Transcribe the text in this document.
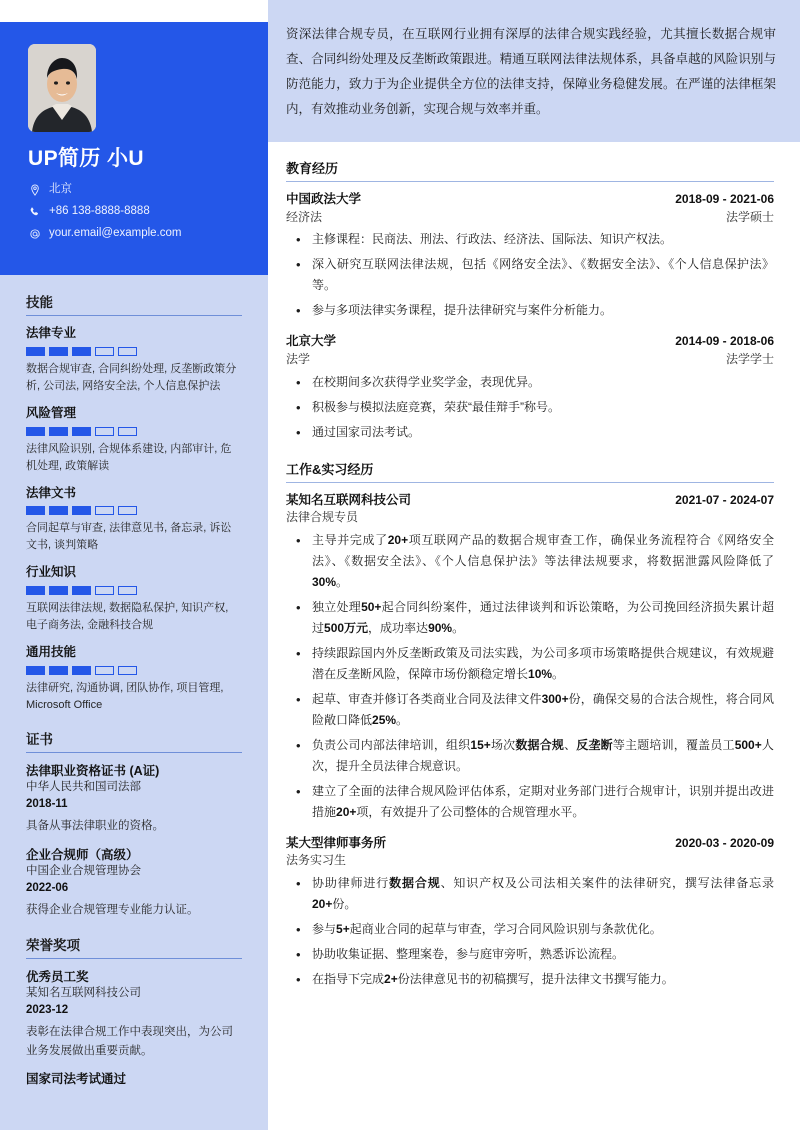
UP简历 小U
北京
+86 138-8888-8888
your.email@example.com
技能
法律专业
数据合规审查, 合同纠纷处理, 反垄断政策分析, 公司法, 网络安全法, 个人信息保护法
风险管理
法律风险识别, 合规体系建设, 内部审计, 危机处理, 政策解读
法律文书
合同起草与审查, 法律意见书, 备忘录, 诉讼文书, 谈判策略
行业知识
互联网法律法规, 数据隐私保护, 知识产权, 电子商务法, 金融科技合规
通用技能
法律研究, 沟通协调, 团队协作, 项目管理, Microsoft Office
证书
法律职业资格证书 (A证)
中华人民共和国司法部
2018-11
具备从事法律职业的资格。
企业合规师（高级）
中国企业合规管理协会
2022-06
获得企业合规管理专业能力认证。
荣誉奖项
优秀员工奖
某知名互联网科技公司
2023-12
表彰在法律合规工作中表现突出，为公司业务发展做出重要贡献。
国家司法考试通过
资深法律合规专员，在互联网行业拥有深厚的法律合规实践经验，尤其擅长数据合规审查、合同纠纷处理及反垄断政策跟进。精通互联网法律法规体系，具备卓越的风险识别与防范能力，致力于为企业提供全方位的法律支持，保障业务稳健发展。在严谨的法律框架内，有效推动业务创新，实现合规与效率并重。
教育经历
中国政法大学	2018-09 - 2021-06
经济法	法学硕士
• 主修课程：民商法、刑法、行政法、经济法、国际法、知识产权法。
• 深入研究互联网法律法规，包括《网络安全法》、《数据安全法》、《个人信息保护法》等。
• 参与多项法律实务课程，提升法律研究与案件分析能力。
北京大学	2014-09 - 2018-06
法学	法学学士
• 在校期间多次获得学业奖学金，表现优异。
• 积极参与模拟法庭竞赛，荣获“最佳辩手”称号。
• 通过国家司法考试。
工作&实习经历
某知名互联网科技公司	2021-07 - 2024-07
法律合规专员
• 主导并完成了20+项互联网产品的数据合规审查工作，确保业务流程符合《网络安全法》、《数据安全法》、《个人信息保护法》等法律法规要求，将数据泄露风险降低了30%。
• 独立处理50+起合同纠纷案件，通过法律谈判和诉讼策略，为公司挽回经济损失累计超过500万元，成功率达90%。
• 持续跟踪国内外反垄断政策及司法实践，为公司多项市场策略提供合规建议，有效规避潜在反垄断风险，保障市场份额稳定增长10%。
• 起草、审查并修订各类商业合同及法律文件300+份，确保交易的合法合规性，将合同风险敞口降低25%。
• 负责公司内部法律培训，组织15+场次数据合规、反垄断等主题培训，覆盖员工500+人次，提升全员法律合规意识。
• 建立了全面的法律合规风险评估体系，定期对业务部门进行合规审计，识别并提出改进措施20+项，有效提升了公司整体的合规管理水平。
某大型律师事务所	2020-03 - 2020-09
法务实习生
• 协助律师进行数据合规、知识产权及公司法相关案件的法律研究，撰写法律备忘录20+份。
• 参与5+起商业合同的起草与审查，学习合同风险识别与条款优化。
• 协助收集证据、整理案卷，参与庭审旁听，熟悉诉讼流程。
• 在指导下完成2+份法律意见书的初稿撰写，提升法律文书撰写能力。
